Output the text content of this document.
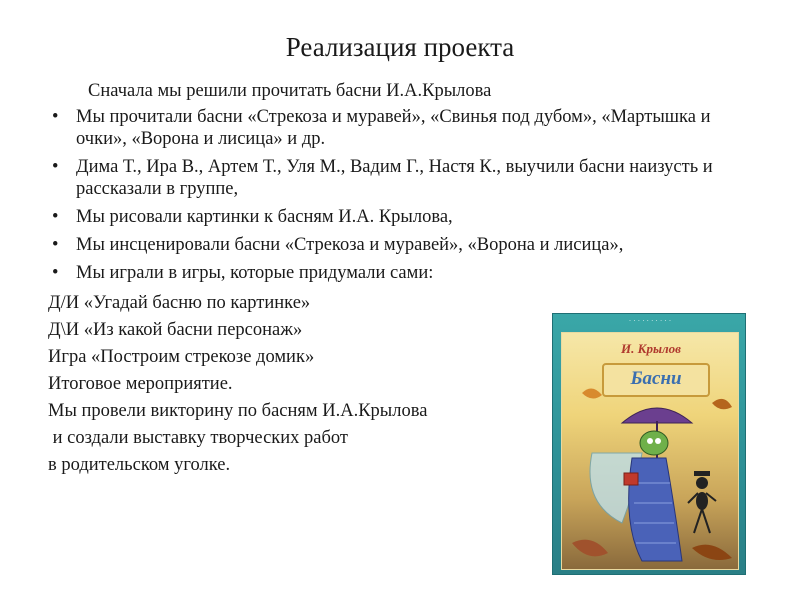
Реализация проекта
Сначала мы решили прочитать басни И.А.Крылова
• Мы прочитали басни «Стрекоза и муравей», «Свинья под дубом», «Мартышка и очки», «Ворона и лисица» и др.
• Дима Т., Ира В., Артем Т., Уля М., Вадим Г., Настя К., выучили басни наизусть и рассказали в группе,
• Мы рисовали картинки к басням И.А. Крылова,
• Мы инсценировали басни «Стрекоза и муравей», «Ворона и лисица»,
• Мы играли в игры, которые придумали сами:
Д/И «Угадай басню по картинке»
Д\И «Из какой басни персонаж»
Игра «Построим стрекозе домик»
Итоговое мероприятие.
Мы провели викторину по басням И.А.Крылова
и создали выставку творческих работ
в родительском уголке.
· · · · · · · · · ·
И. Крылов
Басни
